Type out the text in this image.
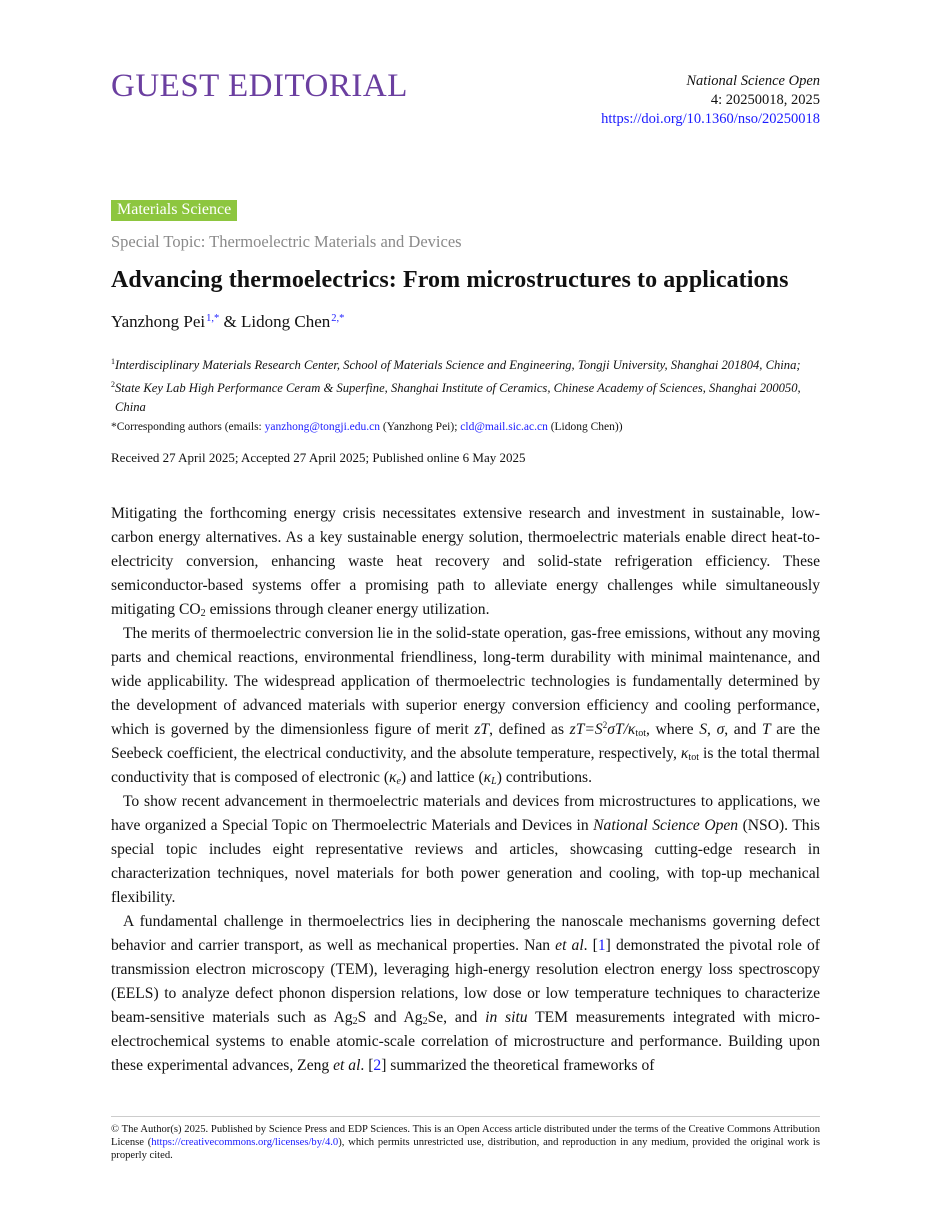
GUEST EDITORIAL	National Science Open
4: 20250018, 2025
https://doi.org/10.1360/nso/20250018
Materials Science
Special Topic: Thermoelectric Materials and Devices
Advancing thermoelectrics: From microstructures to applications
Yanzhong Pei$^{1,*}$ & Lidong Chen$^{2,*}$

$^1$Interdisciplinary Materials Research Center, School of Materials Science and Engineering, Tongji University, Shanghai 201804, China;

$^2$State Key Lab High Performance Ceram & Superfine, Shanghai Institute of Ceramics, Chinese Academy of Sciences, Shanghai 200050,

China

*Corresponding authors (emails: yanzhong@tongji.edu.cn (Yanzhong Pei); cld@mail.sic.ac.cn (Lidong Chen))
Received 27 April 2025; Accepted 27 April 2025; Published online 6 May 2025

Mitigating the forthcoming energy crisis necessitates extensive research and investment in sustainable, low-carbon energy alternatives. As a key sustainable energy solution, thermoelectric materials enable direct heat-to-electricity conversion, enhancing waste heat recovery and solid-state refrigeration efficiency. These semiconductor-based systems offer a promising path to alleviate energy challenges while simultaneously mitigating $CO_2$ emissions through cleaner energy utilization.

The merits of thermoelectric conversion lie in the solid-state operation, gas-free emissions, without any moving parts and chemical reactions, environmental friendliness, long-term durability with minimal maintenance, and wide applicability. The widespread application of thermoelectric technologies is fundamentally determined by the development of advanced materials with superior energy conversion efficiency and cooling performance, which is governed by the dimensionless figure of merit zT, defined as $zT=S^2\sigma T/\kappa_{tot}$, where S, σ, and T are the Seebeck coefficient, the electrical conductivity, and the absolute temperature, respectively, $\kappa_{tot}$ is the total thermal conductivity that is composed of electronic $(\kappa_e)$ and lattice $(\kappa_L)$ contributions.

To show recent advancement in thermoelectric materials and devices from microstructures to applications, we have organized a Special Topic on Thermoelectric Materials and Devices in National Science Open (NSO). This special topic includes eight representative reviews and articles, showcasing cutting-edge research in characterization techniques, novel materials for both power generation and cooling, with top-up mechanical flexibility.

A fundamental challenge in thermoelectrics lies in deciphering the nanoscale mechanisms governing defect behavior and carrier transport, as well as mechanical properties. Nan et al. [1] demonstrated the pivotal role of transmission electron microscopy (TEM), leveraging high-energy resolution electron energy loss spectroscopy (EELS) to analyze defect phonon dispersion relations, low dose or low temperature techniques to characterize beam-sensitive materials such as $Ag_2S$ and $Ag_2Se$, and in situ TEM measurements integrated with micro-electrochemical systems to enable atomic-scale correlation of microstructure and performance. Building upon these experimental advances, Zeng et al. [2] summarized the theoretical frameworks of

© The Author(s) 2025. Published by Science Press and EDP Sciences. This is an Open Access article distributed under the terms of the Creative Commons Attribution License (https://creativecommons.org/licenses/by/4.0), which permits unrestricted use, distribution, and reproduction in any medium, provided the original work is properly cited.
